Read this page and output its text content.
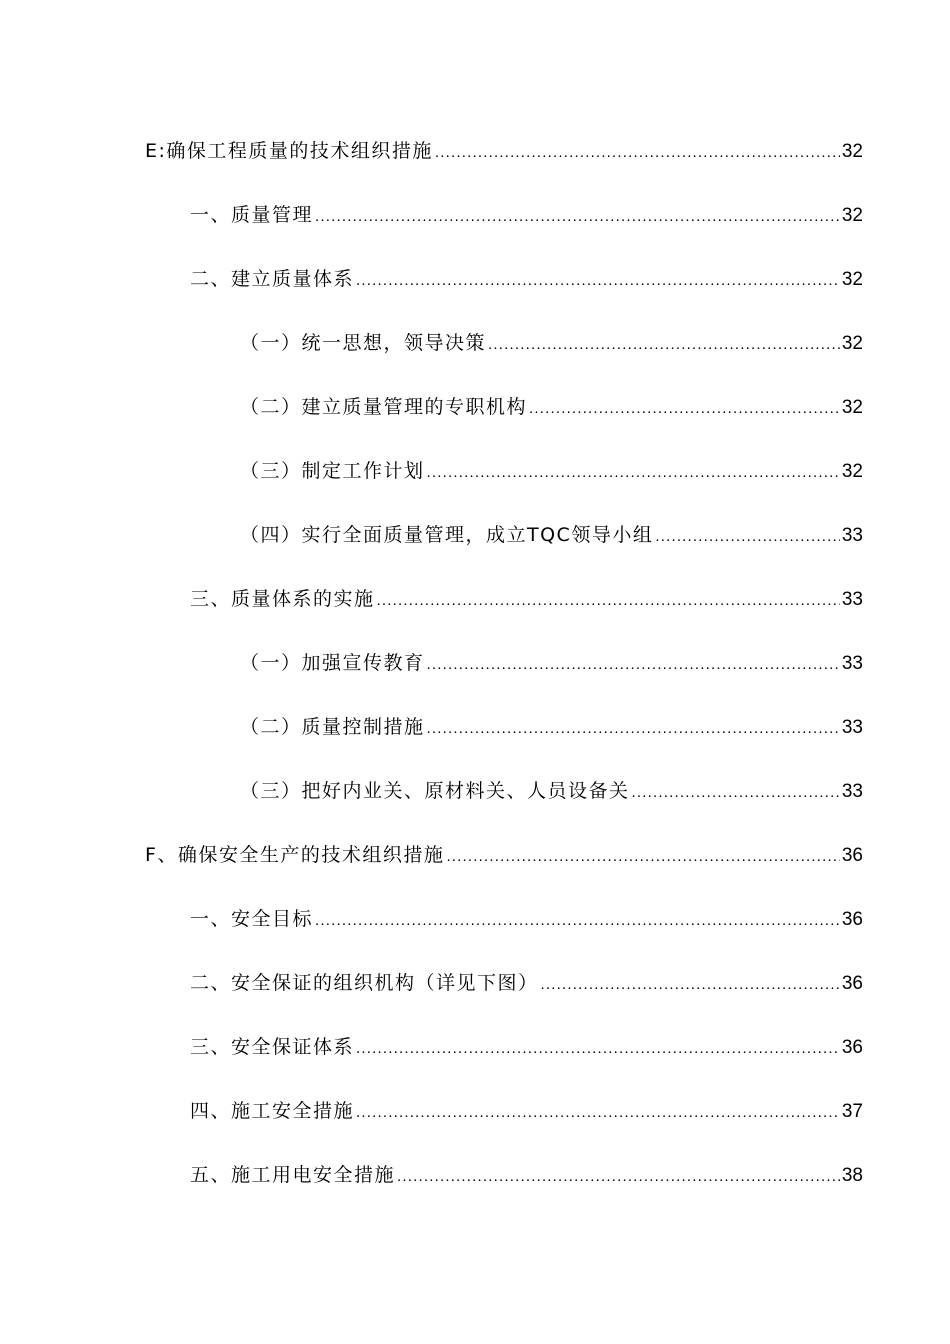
E:确保工程质量的技术组织措施 .....	32
一、质量管理 .....	32
二、建立质量体系 .....	32
（一）统一思想，领导决策 .....	32
（二）建立质量管理的专职机构 .....	32
（三）制定工作计划 .....	32
（四）实行全面质量管理，成立TQC领导小组 .....	33
三、质量体系的实施 .....	33
（一）加强宣传教育 .....	33
（二）质量控制措施 .....	33
（三）把好内业关、原材料关、人员设备关 .....	33
F、确保安全生产的技术组织措施 .....	36
一、安全目标 .....	36
二、安全保证的组织机构（详见下图） .....	36
三、安全保证体系 .....	36
四、施工安全措施 .....	37
五、施工用电安全措施 .....	38
